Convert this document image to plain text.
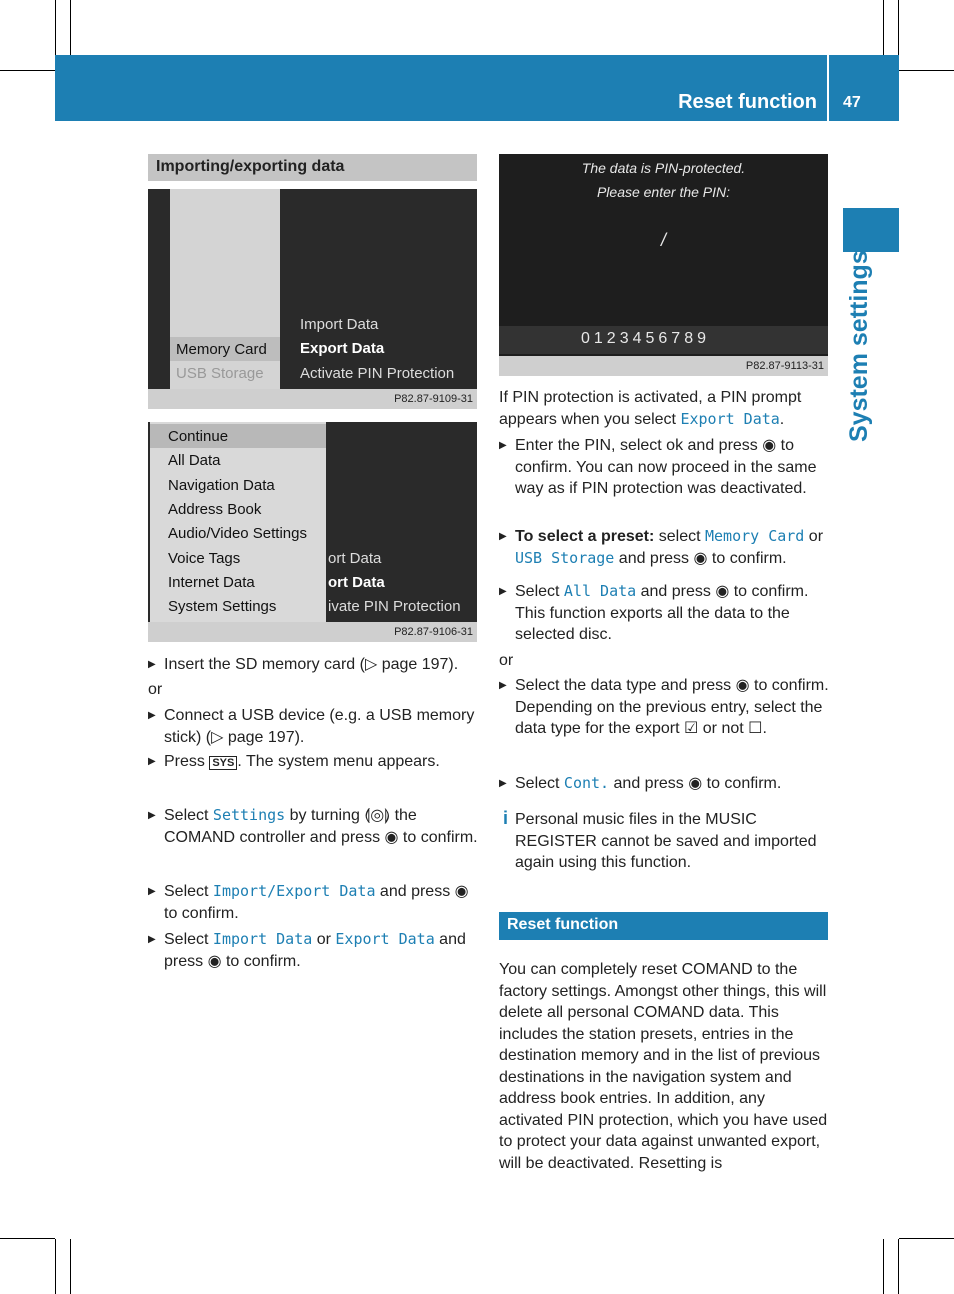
Reset function 47
System settings
Importing/exporting data
Memory Card
USB Storage
Import Data
Export Data
Activate PIN Protection
P82.87-9109-31
Continue
All Data
Navigation Data
Address Book
Audio/Video Settings
Voice Tags
Internet Data
System Settings
ort Data
ort Data
ivate PIN Protection
P82.87-9106-31
▶ Insert the SD memory card (▷ page 197).
or
▶ Connect a USB device (e.g. a USB memory stick) (▷ page 197).
▶ Press SYS . The system menu appears.
▶ Select Settings by turning ⟬◎⟭ the COMAND controller and press ◉ to confirm.
▶ Select Import/Export Data and press ◉ to confirm.
▶ Select Import Data or Export Data and press ◉ to confirm.
The data is PIN-protected.
Please enter the PIN:
/
0123456789
P82.87-9113-31
If PIN protection is activated, a PIN prompt appears when you select Export Data.
▶ Enter the PIN, select ok and press ◉ to confirm. You can now proceed in the same way as if PIN protection was deactivated.
▶ To select a preset: select Memory Card or USB Storage and press ◉ to confirm.
▶ Select All Data and press ◉ to confirm. This function exports all the data to the selected disc.
or
▶ Select the data type and press ◉ to confirm. Depending on the previous entry, select the data type for the export ☑ or not ☐.
▶ Select Cont. and press ◉ to confirm.
i Personal music files in the MUSIC REGISTER cannot be saved and imported again using this function.
Reset function
You can completely reset COMAND to the factory settings. Amongst other things, this will delete all personal COMAND data. This includes the station presets, entries in the destination memory and in the list of previous destinations in the navigation system and address book entries. In addition, any activated PIN protection, which you have used to protect your data against unwanted export, will be deactivated. Resetting is
